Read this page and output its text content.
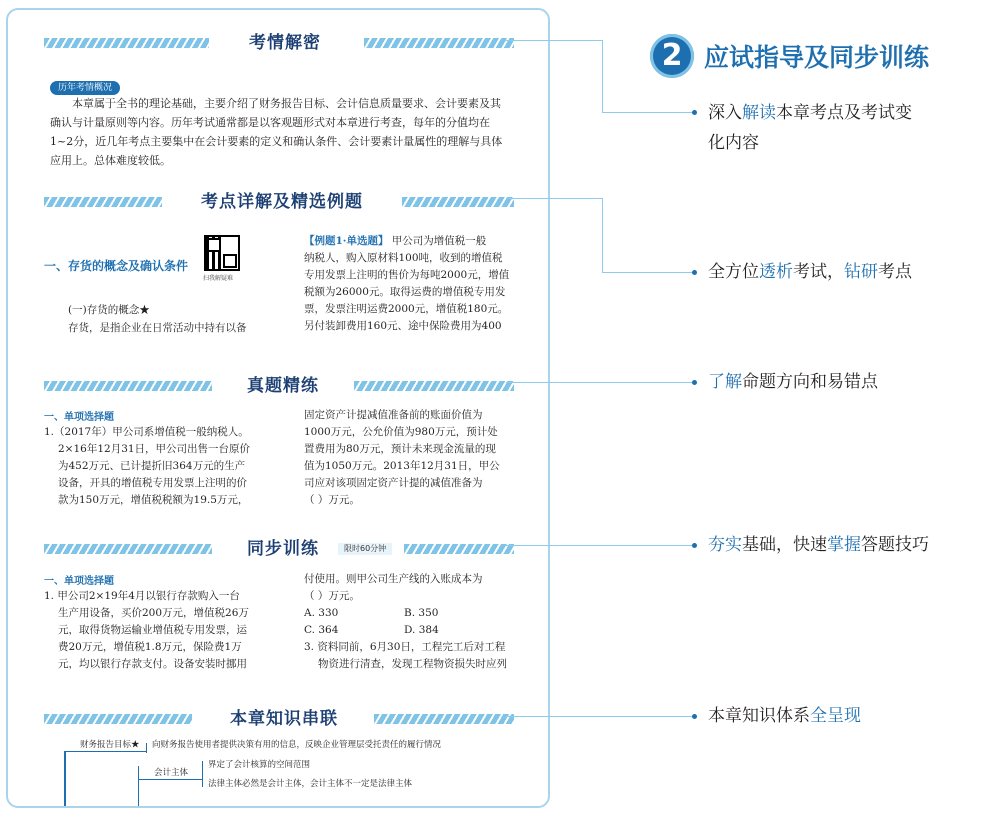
考情解密
历年考情概况
本章属于全书的理论基础，主要介绍了财务报告目标、会计信息质量要求、会计要素及其
确认与计量原则等内容。历年考试通常都是以客观题形式对本章进行考查，每年的分值均在
1~2分，近几年考点主要集中在会计要素的定义和确认条件、会计要素计量属性的理解与具体
应用上。总体难度较低。
考点详解及精选例题
一、存货的概念及确认条件
扫我解疑难
(一)存货的概念★
存货，是指企业在日常活动中持有以备
【例题1·单选题】 甲公司为增值税一般
纳税人，购入原材料100吨，收到的增值税
专用发票上注明的售价为每吨2000元，增值
税额为26000元。取得运费的增值税专用发
票，发票注明运费2000元，增值税180元。
另付装卸费用160元、途中保险费用为400
真题精练
一、单项选择题
1.（2017年）甲公司系增值税一般纳税人。
2×16年12月31日，甲公司出售一台原价
为452万元、已计提折旧364万元的生产
设备，开具的增值税专用发票上注明的价
款为150万元，增值税税额为19.5万元，
固定资产计提减值准备前的账面价值为
1000万元，公允价值为980万元，预计处
置费用为80万元，预计未来现金流量的现
值为1050万元。2013年12月31日，甲公
司应对该项固定资产计提的减值准备为
（ ）万元。
同步训练	限时60分钟
一、单项选择题
1. 甲公司2×19年4月以银行存款购入一台
生产用设备，买价200万元，增值税26万
元，取得货物运输业增值税专用发票，运
费20万元，增值税1.8万元，保险费1万
元，均以银行存款支付。设备安装时挪用
付使用。则甲公司生产线的入账成本为
（ ）万元。
A. 330	B. 350
C. 364	D. 384
3. 资料同前，6月30日，工程完工后对工程
物资进行清查，发现工程物资损失时应列
本章知识串联
财务报告目标★ 向财务报告使用者提供决策有用的信息，反映企业管理层受托责任的履行情况
会计主体
界定了会计核算的空间范围
法律主体必然是会计主体，会计主体不一定是法律主体
2 应试指导及同步训练
深入解读本章考点及考试变
化内容
全方位透析考试，钻研考点
了解命题方向和易错点
夯实基础，快速掌握答题技巧
本章知识体系全呈现
